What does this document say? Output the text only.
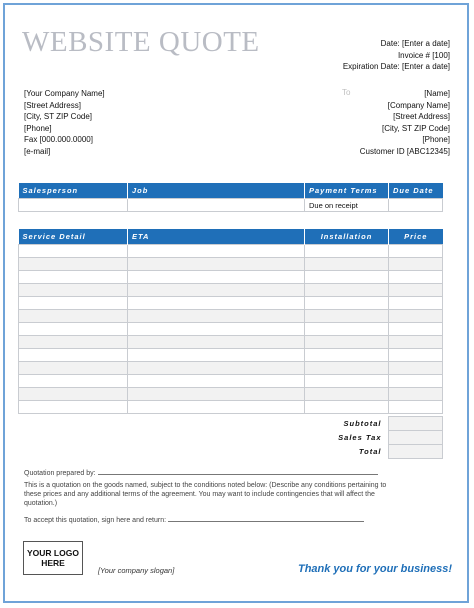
WEBSITE QUOTE	Date: [Enter a date]
Invoice # [100]
Expiration Date: [Enter a date]
[Your Company Name]
[Street Address]
[City, ST ZIP Code]
[Phone]
Fax [000.000.0000]
[e-mail]
To	[Name]
[Company Name]
[Street Address]
[City, ST ZIP Code]
[Phone]
Customer ID [ABC12345]
Salesperson	Job	Payment Terms	Due Date
		Due on receipt	
Service Detail	ETA	Installation	Price

Subtotal	
Sales Tax	
Total	
Quotation prepared by:
This is a quotation on the goods named, subject to the conditions noted below: (Describe any conditions pertaining to these prices and any additional terms of the agreement. You may want to include contingencies that will affect the quotation.)
To accept this quotation, sign here and return:
YOUR LOGO HERE
[Your company slogan]	Thank you for your business!
